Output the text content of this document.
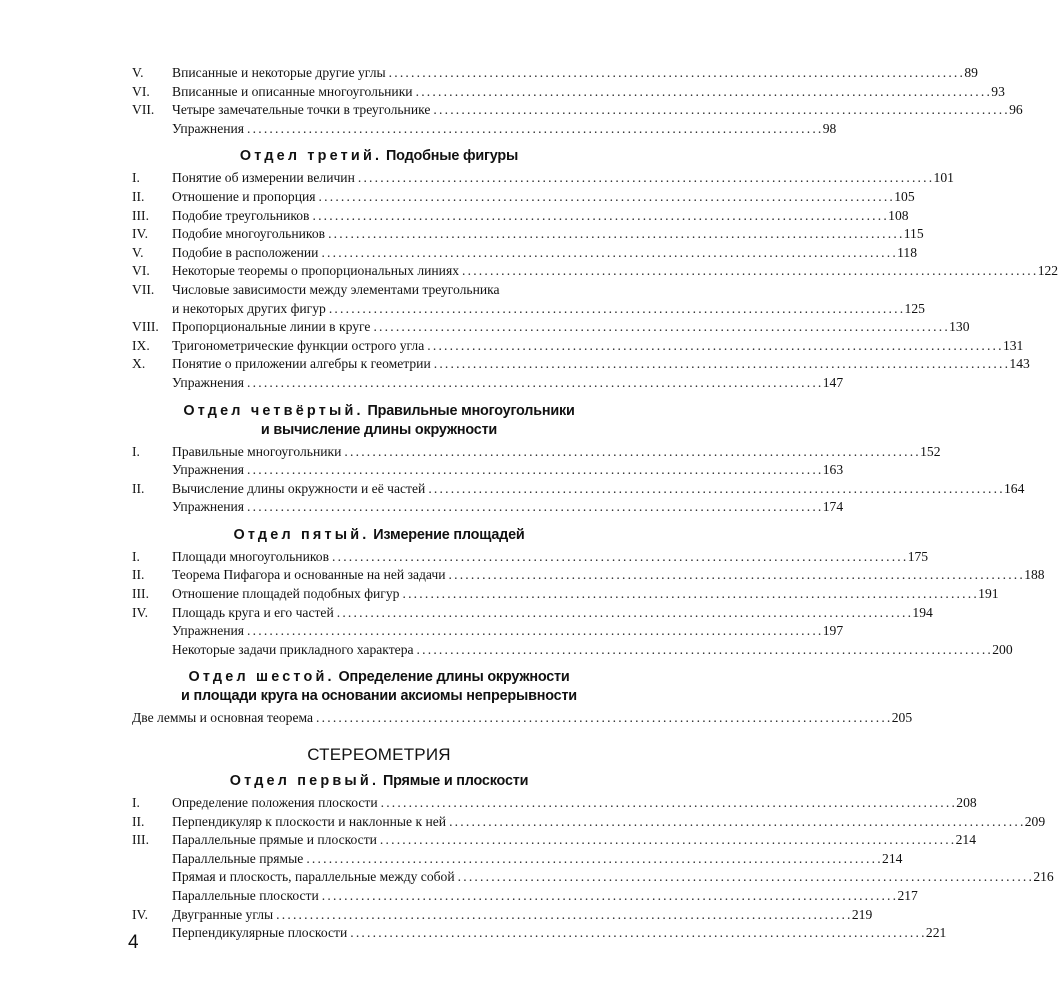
V.	Вписанные и некоторые другие углы . . .	89
VI.	Вписанные и описанные многоугольники . . .	93
VII.	Четыре замечательные точки в треугольнике . . .	96
Упражнения . . .	98
Отдел третий. Подобные фигуры
I.	Понятие об измерении величин . . .	101
II.	Отношение и пропорция . . .	105
III.	Подобие треугольников . . .	108
IV.	Подобие многоугольников . . .	115
V.	Подобие в расположении . . .	118
VI.	Некоторые теоремы о пропорциональных линиях . . .	122
VII.	Числовые зависимости между элементами треугольника
и некоторых других фигур . . .	125
VIII. Пропорциональные линии в круге . . .	130
IX.	Тригонометрические функции острого угла . . .	131
X.	Понятие о приложении алгебры к геометрии . . .	143
Упражнения . . .	147
Отдел четвёртый. Правильные многоугольники
и вычисление длины окружности
I.	Правильные многоугольники . . .	152
Упражнения . . .	163
II.	Вычисление длины окружности и её частей . . .	164
Упражнения . . .	174
Отдел пятый. Измерение площадей
I.	Площади многоугольников . . .	175
II.	Теорема Пифагора и основанные на ней задачи . . .	188
III.	Отношение площадей подобных фигур . . .	191
IV.	Площадь круга и его частей . . .	194
Упражнения . . .	197
Некоторые задачи прикладного характера . . .	200
Отдел шестой. Определение длины окружности
и площади круга на основании аксиомы непрерывности
Две леммы и основная теорема . . .	205
СТЕРЕОМЕТРИЯ
Отдел первый. Прямые и плоскости
I.	Определение положения плоскости . . .	208
II.	Перпендикуляр к плоскости и наклонные к ней . . .	209
III.	Параллельные прямые и плоскости . . .	214
Параллельные прямые . . .	214
Прямая и плоскость, параллельные между собой . . .	216
Параллельные плоскости . . .	217
IV.	Двугранные углы . . .	219
Перпендикулярные плоскости . . .	221
4
